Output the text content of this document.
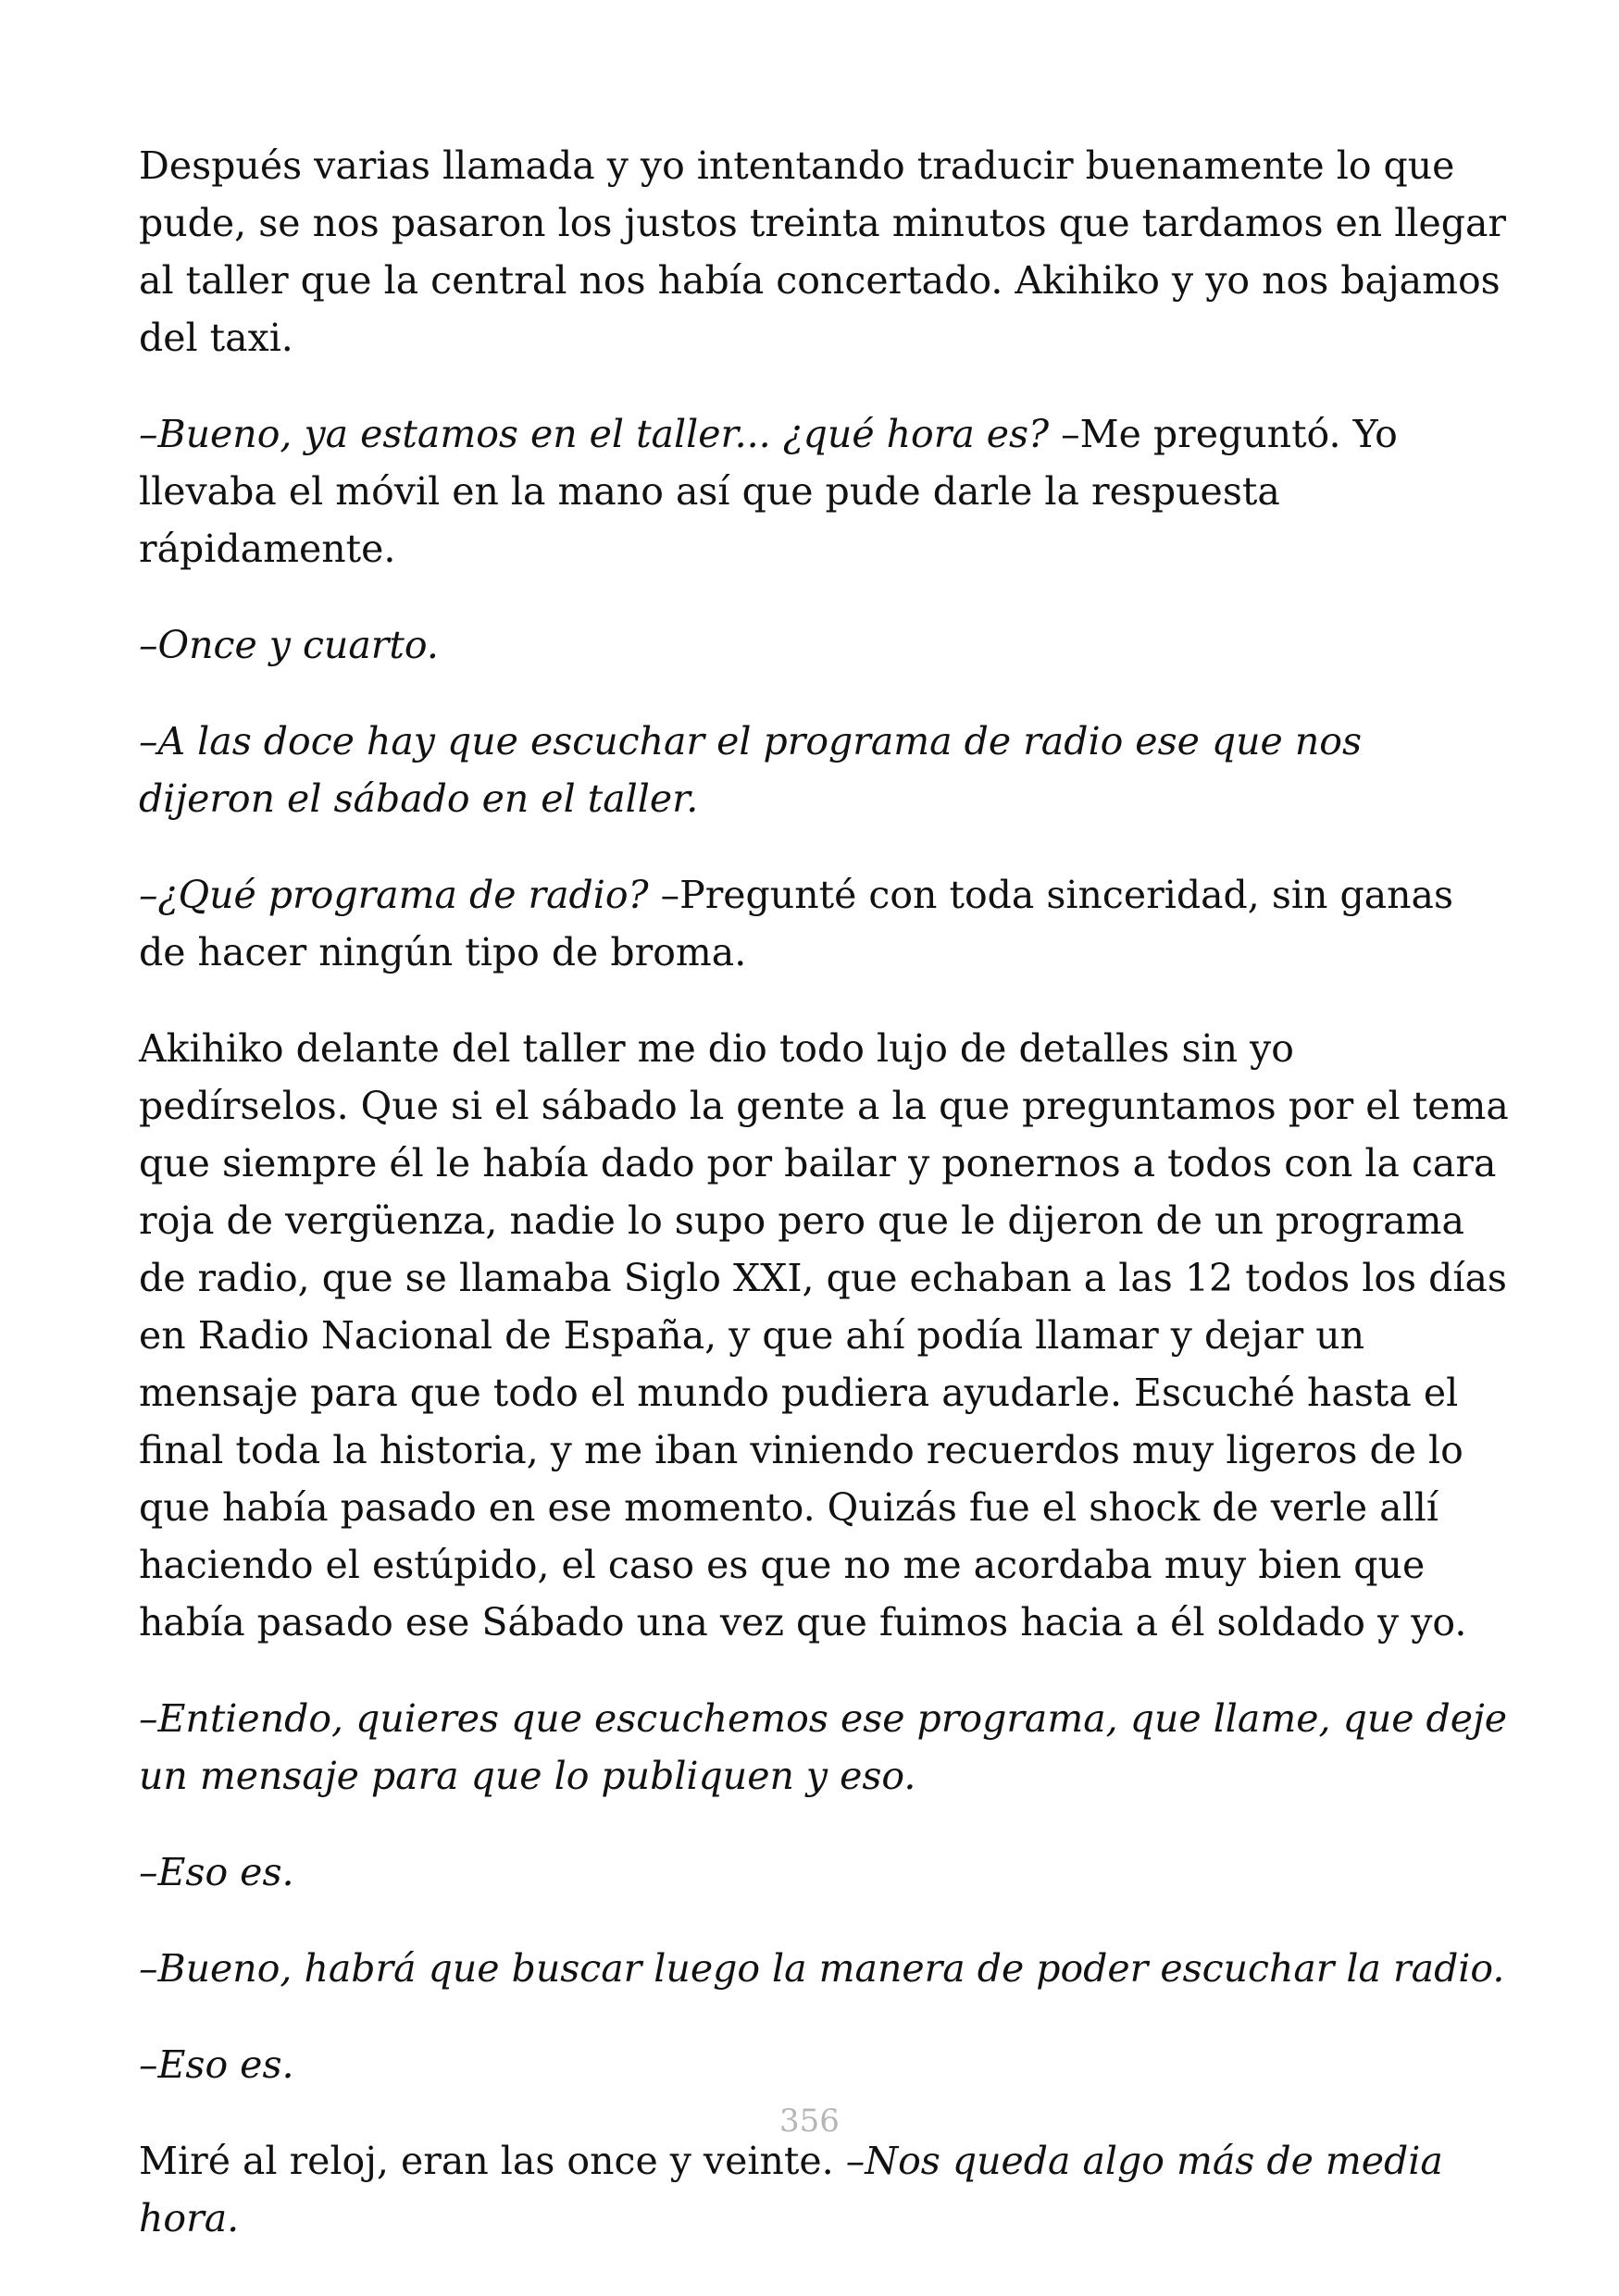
Después varias llamada y yo intentando traducir buenamente lo que pude, se nos pasaron los justos treinta minutos que tardamos en llegar al taller que la central nos había concertado. Akihiko y yo nos bajamos del taxi.

–Bueno, ya estamos en el taller... ¿qué hora es? –Me preguntó. Yo llevaba el móvil en la mano así que pude darle la respuesta rápidamente.

–Once y cuarto.

–A las doce hay que escuchar el programa de radio ese que nos dijeron el sábado en el taller.

–¿Qué programa de radio? –Pregunté con toda sinceridad, sin ganas de hacer ningún tipo de broma.

Akihiko delante del taller me dio todo lujo de detalles sin yo pedírselos. Que si el sábado la gente a la que preguntamos por el tema que siempre él le había dado por bailar y ponernos a todos con la cara roja de vergüenza, nadie lo supo pero que le dijeron de un programa de radio, que se llamaba Siglo XXI, que echaban a las 12 todos los días en Radio Nacional de España, y que ahí podía llamar y dejar un mensaje para que todo el mundo pudiera ayudarle. Escuché hasta el final toda la historia, y me iban viniendo recuerdos muy ligeros de lo que había pasado en ese momento. Quizás fue el shock de verle allí haciendo el estúpido, el caso es que no me acordaba muy bien que había pasado ese Sábado una vez que fuimos hacia a él soldado y yo.

–Entiendo, quieres que escuchemos ese programa, que llame, que deje un mensaje para que lo publiquen y eso.

–Eso es.

–Bueno, habrá que buscar luego la manera de poder escuchar la radio.

–Eso es.

Miré al reloj, eran las once y veinte. –Nos queda algo más de media hora.

356
